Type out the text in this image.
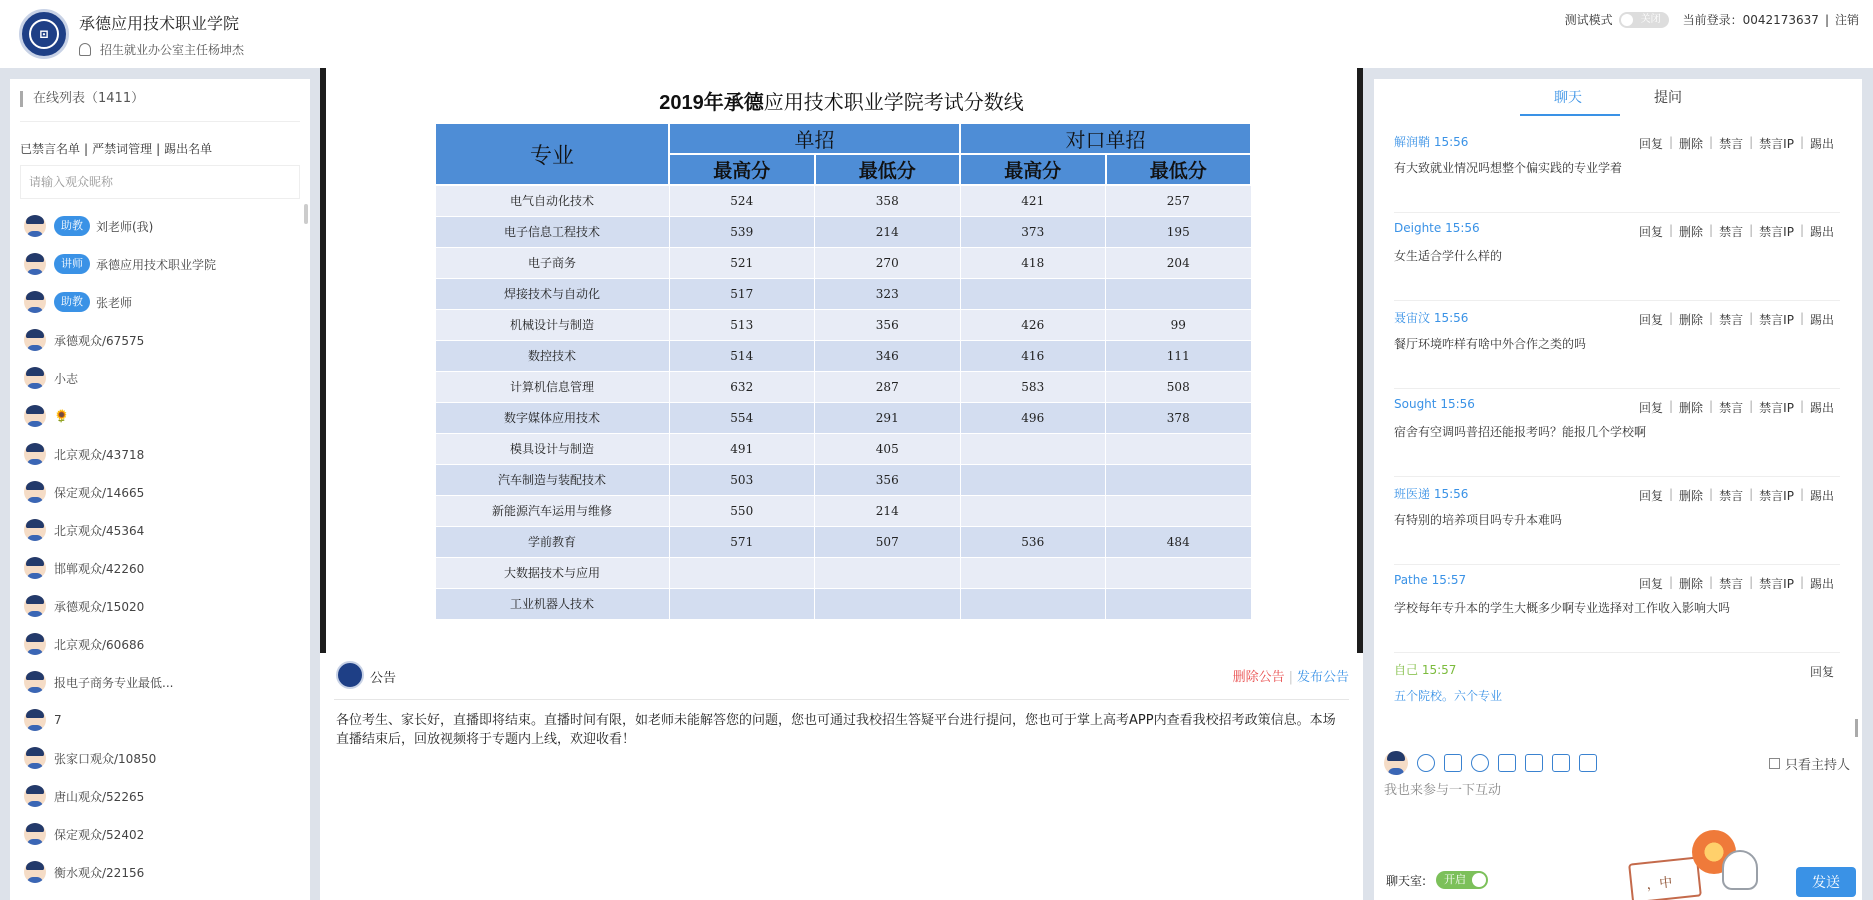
⊡
承德应用技术职业学院
招生就业办公室主任杨坤杰
测试模式	关闭	当前登录：0042173637 | 注销
在线列表（1411）
已禁言名单 | 严禁词管理 | 踢出名单
请输入观众昵称
助教	刘老师(我)
讲师	承德应用技术职业学院
助教	张老师
承德观众/67575
小志
🌻
北京观众/43718
保定观众/14665
北京观众/45364
邯郸观众/42260
承德观众/15020
北京观众/60686
报电子商务专业最低...
7
张家口观众/10850
唐山观众/52265
保定观众/52402
衡水观众/22156
2019年承德应用技术职业学院考试分数线
专业	单招		对口单招	
	最高分	最低分	最高分	最低分
电气自动化技术	524	358	421	257
电子信息工程技术	539	214	373	195
电子商务	521	270	418	204
焊接技术与自动化	517	323		
机械设计与制造	513	356	426	99
数控技术	514	346	416	111
计算机信息管理	632	287	583	508
数字媒体应用技术	554	291	496	378
模具设计与制造	491	405		
汽车制造与装配技术	503	356		
新能源汽车运用与维修	550	214		
学前教育	571	507	536	484
大数据技术与应用				
工业机器人技术				
公告	删除公告 | 发布公告
各位考生、家长好，直播即将结束。直播时间有限，如老师未能解答您的问题，您也可通过我校招生答疑平台进行提问，您也可于掌上高考APP内查看我校招考政策信息。本场直播结束后，回放视频将于专题内上线，欢迎收看！
聊天	提问
解润鞘 15:56	回复 | 删除 | 禁言 | 禁言IP | 踢出
有大致就业情况吗想整个偏实践的专业学着
Deighte 15:56	回复 | 删除 | 禁言 | 禁言IP | 踢出
女生适合学什么样的
聂宙汶 15:56	回复 | 删除 | 禁言 | 禁言IP | 踢出
餐厅环境咋样有啥中外合作之类的吗
Sought 15:56	回复 | 删除 | 禁言 | 禁言IP | 踢出
宿舍有空调吗普招还能报考吗？能报几个学校啊
班医递 15:56	回复 | 删除 | 禁言 | 禁言IP | 踢出
有特别的培养项目吗专升本难吗
Pathe 15:57	回复 | 删除 | 禁言 | 禁言IP | 踢出
学校每年专升本的学生大概多少啊专业选择对工作收入影响大吗
自己 15:57	回复
五个院校。六个专业
只看主持人
我也来参与一下互动
聊天室:	开启	发送
，中
